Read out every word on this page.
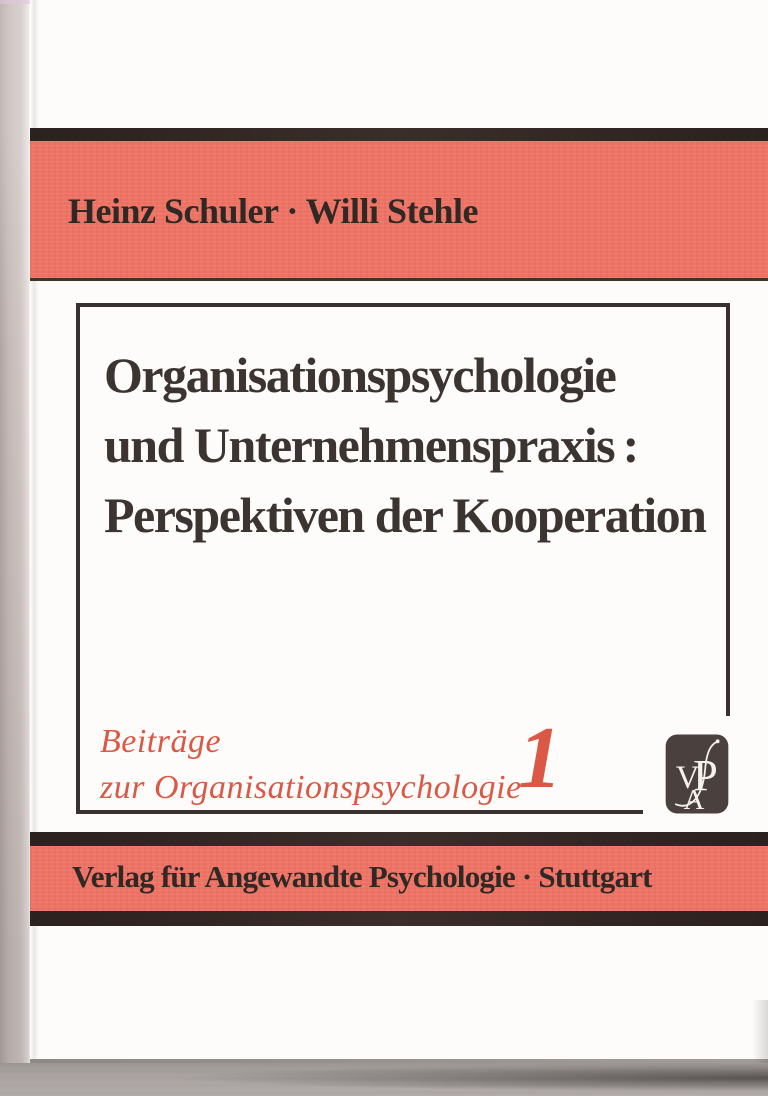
Heinz Schuler · Willi Stehle
Organisationspsychologie
und Unternehmenspraxis :
Perspektiven der Kooperation
Beiträge
zur Organisationspsychologie
1	V
P
A
Verlag für Angewandte Psychologie · Stuttgart
